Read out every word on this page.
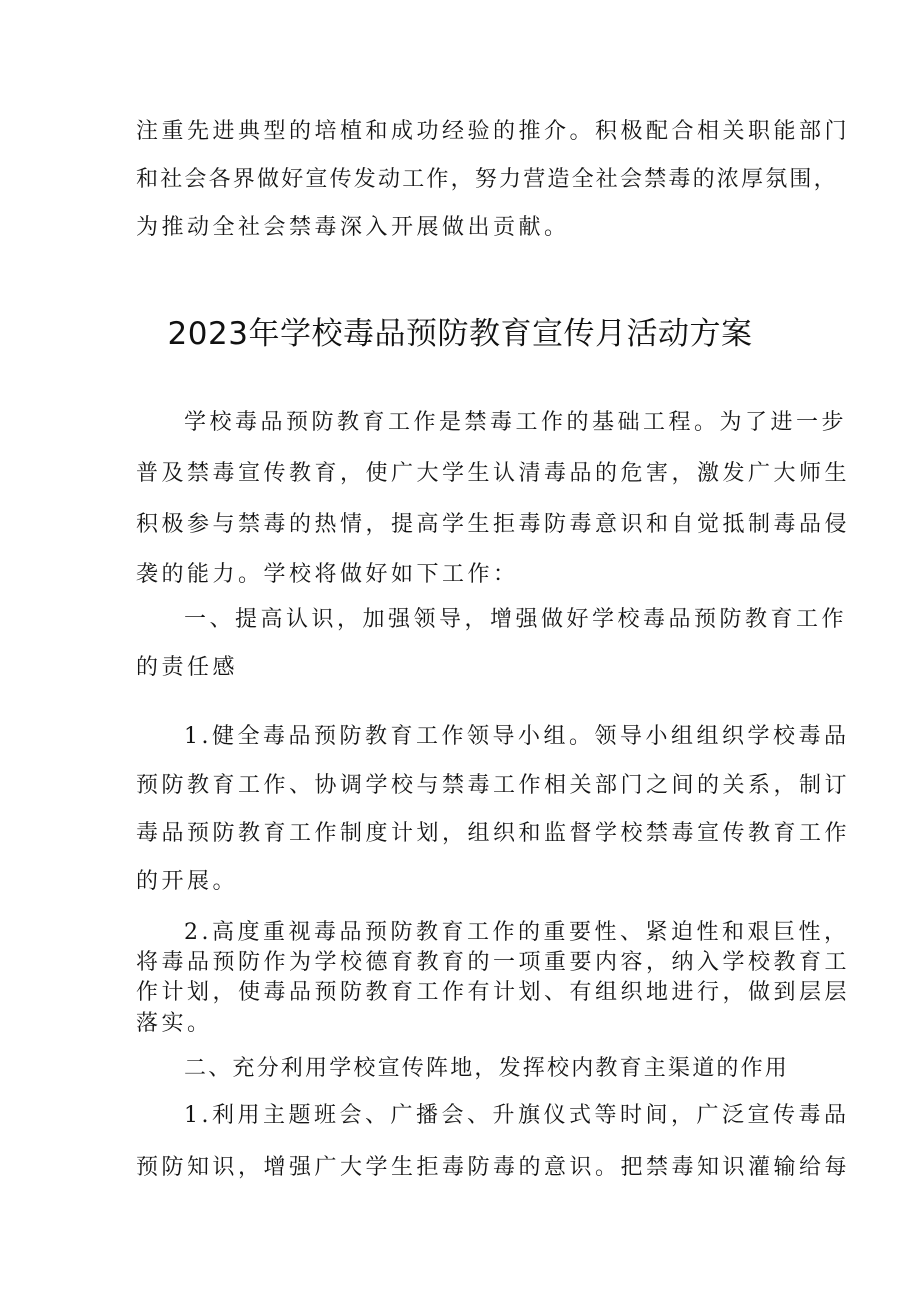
注重先进典型的培植和成功经验的推介。积极配合相关职能部门
和社会各界做好宣传发动工作，努力营造全社会禁毒的浓厚氛围，
为推动全社会禁毒深入开展做出贡献。
2023年学校毒品预防教育宣传月活动方案
学校毒品预防教育工作是禁毒工作的基础工程。为了进一步
普及禁毒宣传教育，使广大学生认清毒品的危害，激发广大师生
积极参与禁毒的热情，提高学生拒毒防毒意识和自觉抵制毒品侵
袭的能力。学校将做好如下工作：
一、提高认识，加强领导，增强做好学校毒品预防教育工作
的责任感
1.健全毒品预防教育工作领导小组。领导小组组织学校毒品
预防教育工作、协调学校与禁毒工作相关部门之间的关系，制订
毒品预防教育工作制度计划，组织和监督学校禁毒宣传教育工作
的开展。
2.高度重视毒品预防教育工作的重要性、紧迫性和艰巨性，
将毒品预防作为学校德育教育的一项重要内容，纳入学校教育工
作计划，使毒品预防教育工作有计划、有组织地进行，做到层层
落实。
二、充分利用学校宣传阵地，发挥校内教育主渠道的作用
1.利用主题班会、广播会、升旗仪式等时间，广泛宣传毒品
预防知识，增强广大学生拒毒防毒的意识。把禁毒知识灌输给每
